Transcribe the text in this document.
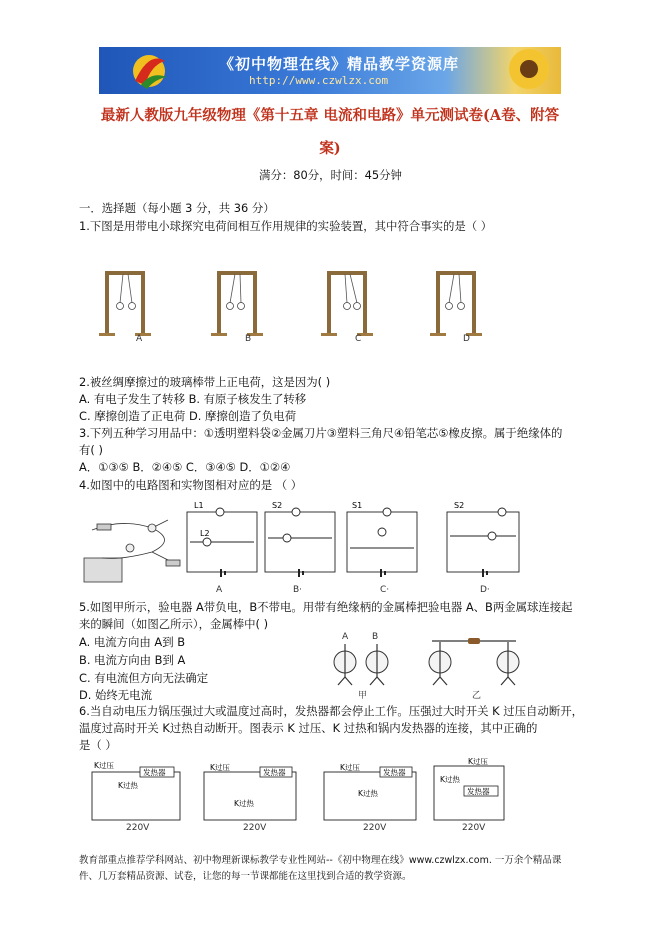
《初中物理在线》精品教学资源库
http://www.czwlzx.com
最新人教版九年级物理《第十五章 电流和电路》单元测试卷(A卷、附答
案)
满分：80分，时间：45分钟
一．选择题（每小题 3 分，共 36 分）
1.下图是用带电小球探究电荷间相互作用规律的实验装置，其中符合事实的是（ ）
A	B	C	D
2.被丝绸摩擦过的玻璃棒带上正电荷，这是因为( )
A. 有电子发生了转移 B. 有原子核发生了转移
C. 摩擦创造了正电荷 D. 摩擦创造了负电荷
3.下列五种学习用品中：①透明塑料袋②金属刀片③塑料三角尺④铅笔芯⑤橡皮擦。属于绝缘体的
有( )
A．①③⑤ B．②④⑤ C．③④⑤ D．①②④
4.如图中的电路图和实物图相对应的是 （ ）
L1
L2
S2	S1	S2
A	B·	C·	D·
5.如图甲所示，验电器 A带负电，B不带电。用带有绝缘柄的金属棒把验电器 A、B两金属球连接起
来的瞬间（如图乙所示），金属棒中( )
A. 电流方向由 A到 B
B. 电流方向由 B到 A
C. 有电流但方向无法确定
D. 始终无电流
A	B
甲	乙
6.当自动电压力锅压强过大或温度过高时，发热器都会停止工作。压强过大时开关 K 过压自动断开，
温度过高时开关 K过热自动断开。图表示 K 过压、K 过热和锅内发热器的连接，其中正确的
是（ ）
发热器	发热器	发热器
发热器
K过压
K过热
K过压
K过热
K过压
K过热
K过压
K过热
220V	220V	220V	220V
教育部重点推荐学科网站、初中物理新课标教学专业性网站--《初中物理在线》www.czwlzx.com. 一万余个精品课
件、几万套精品资源、试卷，让您的每一节课都能在这里找到合适的教学资源。
